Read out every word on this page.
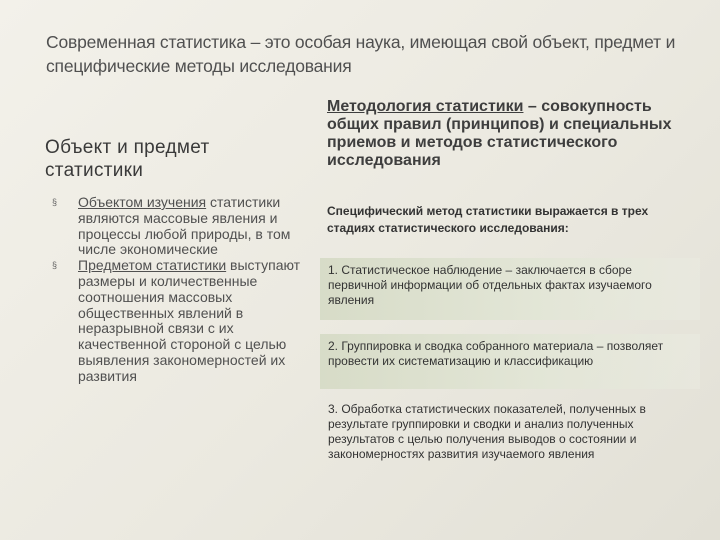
Современная статистика – это особая наука, имеющая свой объект, предмет и специфические методы исследования
Объект и предмет статистики
§
Объектом изучения статистики являются массовые явления и процессы любой природы, в том числе экономические
§
Предметом статистики выступают размеры и количественные соотношения массовых общественных явлений в неразрывной связи с их качественной стороной с целью выявления закономерностей их развития
Методология статистики – совокупность общих правил (принципов) и специальных приемов и методов статистического исследования
Специфический метод статистики выражается в трех стадиях статистического исследования:
1. Статистическое наблюдение – заключается в сборе первичной информации об отдельных фактах изучаемого явления
2. Группировка и сводка собранного материала – позволяет провести их систематизацию и классификацию
3. Обработка статистических показателей, полученных в результате группировки и сводки и анализ полученных результатов с целью получения выводов о состоянии и закономерностях развития изучаемого явления
